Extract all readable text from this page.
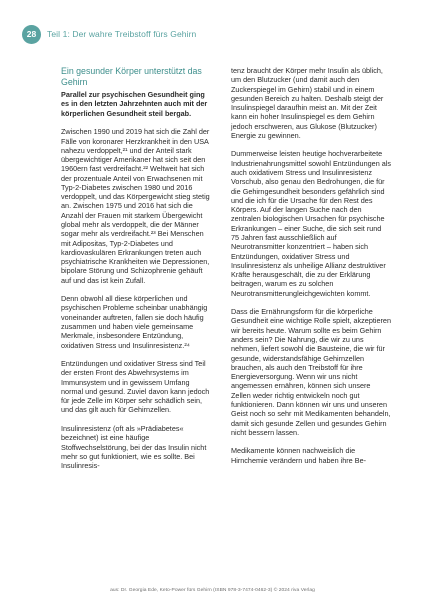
28	Teil 1: Der wahre Treibstoff fürs Gehirn
Ein gesunder Körper unterstützt das Gehirn

Parallel zur psychischen Gesundheit ging es in den letzten Jahrzehnten auch mit der körperlichen Gesundheit steil bergab.

Zwischen 1990 und 2019 hat sich die Zahl der Fälle von koronarer Herzkrankheit in den USA nahezu verdoppelt,²¹ und der Anteil stark übergewichtiger Amerikaner hat sich seit den 1960ern fast verdreifacht.²² Weltweit hat sich der prozentuale Anteil von Erwachsenen mit Typ-2-Diabetes zwischen 1980 und 2016 verdoppelt, und das Körpergewicht stieg stetig an. Zwischen 1975 und 2016 hat sich die Anzahl der Frauen mit starkem Übergewicht global mehr als verdoppelt, die der Männer sogar mehr als verdreifacht.²³ Bei Menschen mit Adipositas, Typ-2-Diabetes und kardiovaskulären Erkrankungen treten auch psychiatrische Krankheiten wie Depressionen, bipolare Störung und Schizophrenie gehäuft auf und das ist kein Zufall.

Denn obwohl all diese körperlichen und psychischen Probleme scheinbar unabhängig voneinander auftreten, fallen sie doch häufig zusammen und haben viele gemeinsame Merkmale, insbesondere Entzündung, oxidativen Stress und Insulinresistenz.²⁴

Entzündungen und oxidativer Stress sind Teil der ersten Front des Abwehrsystems im Immunsystem und in gewissem Umfang normal und gesund. Zuviel davon kann jedoch für jede Zelle im Körper sehr schädlich sein, und das gilt auch für Gehirnzellen.

Insulinresistenz (oft als »Prädiabetes« bezeichnet) ist eine häufige Stoffwechselstörung, bei der das Insulin nicht mehr so gut funktioniert, wie es sollte. Bei Insulinresis-

tenz braucht der Körper mehr Insulin als üblich, um den Blutzucker (und damit auch den Zuckerspiegel im Gehirn) stabil und in einem gesunden Bereich zu halten. Deshalb steigt der Insulinspiegel daraufhin meist an. Mit der Zeit kann ein hoher Insulinspiegel es dem Gehirn jedoch erschweren, aus Glukose (Blutzucker) Energie zu gewinnen.

Dummerweise leisten heutige hochverarbeitete Industrienahrungsmittel sowohl Entzündungen als auch oxidativem Stress und Insulinresistenz Vorschub, also genau den Bedrohungen, die für die Gehirngesundheit besonders gefährlich sind und die ich für die Ursache für den Rest des Körpers. Auf der langen Suche nach den zentralen biologischen Ursachen für psychische Erkrankungen – einer Suche, die sich seit rund 75 Jahren fast ausschließlich auf Neurotransmitter konzentriert – haben sich Entzündungen, oxidativer Stress und Insulinresistenz als unheilige Allianz destruktiver Kräfte herausgeschält, die zu der Erklärung beitragen, warum es zu solchen Neurotransmitterungleichgewichten kommt.

Dass die Ernährungsform für die körperliche Gesundheit eine wichtige Rolle spielt, akzeptieren wir bereits heute. Warum sollte es beim Gehirn anders sein? Die Nahrung, die wir zu uns nehmen, liefert sowohl die Bausteine, die wir für gesunde, widerstandsfähige Gehirnzellen brauchen, als auch den Treibstoff für ihre Energieversorgung. Wenn wir uns nicht angemessen ernähren, können sich unsere Zellen weder richtig entwickeln noch gut funktionieren. Dann können wir uns und unseren Geist noch so sehr mit Medikamenten behandeln, damit sich gesunde Zellen und gesundes Gehirn nicht bessern lassen.

Medikamente können nachweislich die Hirnchemie verändern und haben ihre Be-

aus: Dr. Georgia Ede, Keto-Power fürs Gehirn (ISBN 978-3-7474-0462-3) © 2024 riva Verlag
